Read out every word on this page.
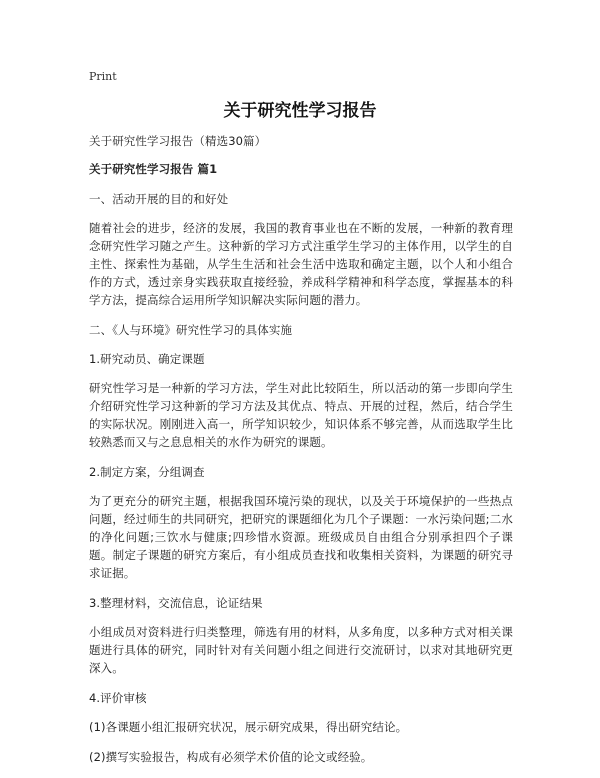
Print
关于研究性学习报告

关于研究性学习报告（精选30篇）

关于研究性学习报告 篇1

一、活动开展的目的和好处

随着社会的进步，经济的发展，我国的教育事业也在不断的发展，一种新的教育理念研究性学习随之产生。这种新的学习方式注重学生学习的主体作用，以学生的自主性、探索性为基础，从学生生活和社会生活中选取和确定主题，以个人和小组合作的方式，透过亲身实践获取直接经验，养成科学精神和科学态度，掌握基本的科学方法，提高综合运用所学知识解决实际问题的潜力。

二、《人与环境》研究性学习的具体实施

1.研究动员、确定课题

研究性学习是一种新的学习方法，学生对此比较陌生，所以活动的第一步即向学生介绍研究性学习这种新的学习方法及其优点、特点、开展的过程，然后，结合学生的实际状况。刚刚进入高一，所学知识较少，知识体系不够完善，从而选取学生比较熟悉而又与之息息相关的水作为研究的课题。

2.制定方案，分组调查

为了更充分的研究主题，根据我国环境污染的现状，以及关于环境保护的一些热点问题，经过师生的共同研究，把研究的课题细化为几个子课题：一水污染问题;二水的净化问题;三饮水与健康;四珍惜水资源。班级成员自由组合分别承担四个子课题。制定子课题的研究方案后，有小组成员查找和收集相关资料，为课题的研究寻求证据。

3.整理材料，交流信息，论证结果

小组成员对资料进行归类整理，筛选有用的材料，从多角度，以多种方式对相关课题进行具体的研究，同时针对有关问题小组之间进行交流研讨，以求对其地研究更深入。

4.评价审核

(1)各课题小组汇报研究状况，展示研究成果，得出研究结论。

(2)撰写实验报告，构成有必须学术价值的论文或经验。
